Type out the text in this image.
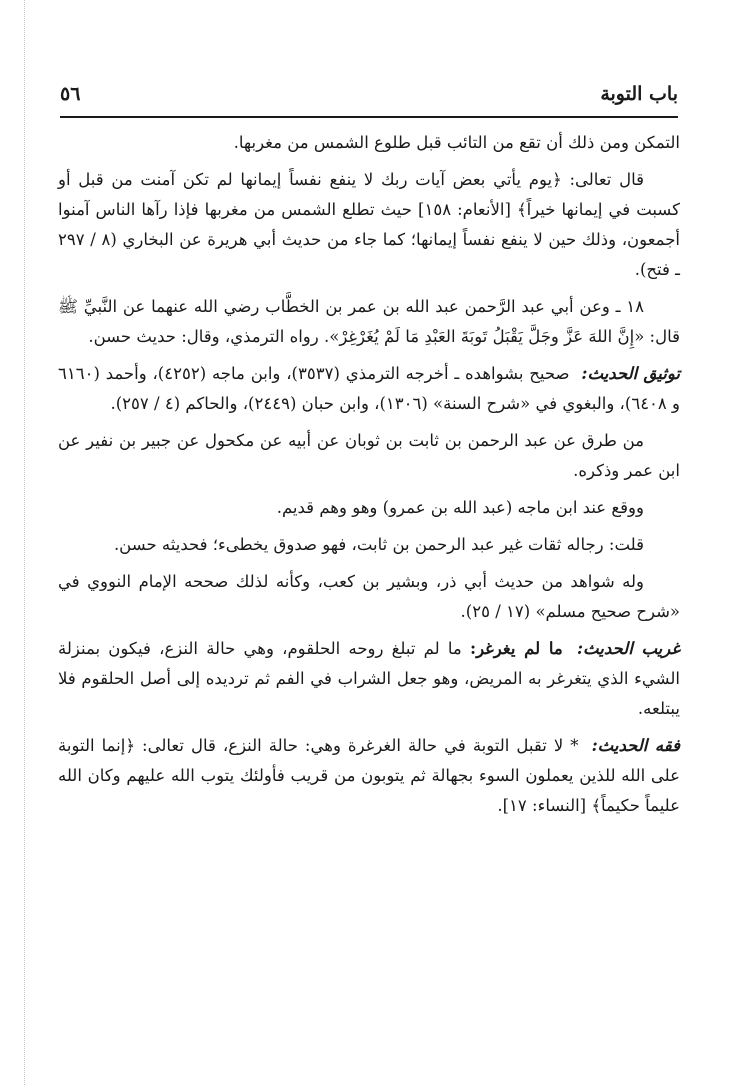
باب التوبة
٥٦

التمكن ومن ذلك أن تقع من التائب قبل طلوع الشمس من مغربها.

قال تعالى: ﴿يوم يأتي بعض آيات ربك لا ينفع نفساً إيمانها لم تكن آمنت من قبل أو كسبت في إيمانها خيراً﴾ [الأنعام: ١٥٨] حيث تطلع الشمس من مغربها فإذا رآها الناس آمنوا أجمعون، وذلك حين لا ينفع نفساً إيمانها؛ كما جاء من حديث أبي هريرة عن البخاري (٨ / ٢٩٧ ـ فتح).

١٨ ـ وعن أبي عبد الرَّحمن عبد الله بن عمر بن الخطَّاب رضي الله عنهما عن النَّبيِّ ﷺ قال: «إِنَّ اللهَ عَزَّ وجَلَّ يَقْبَلُ تَوبَةَ العَبْدِ مَا لَمْ يُغَرْغِرْ». رواه الترمذي، وقال: حديث حسن.

توثيق الحديث: صحيح بشواهده ـ أخرجه الترمذي (٣٥٣٧)، وابن ماجه (٤٢٥٢)، وأحمد (٦١٦٠ و ٦٤٠٨)، والبغوي في «شرح السنة» (١٣٠٦)، وابن حبان (٢٤٤٩)، والحاكم (٤ / ٢٥٧).

من طرق عن عبد الرحمن بن ثابت بن ثوبان عن أبيه عن مكحول عن جبير بن نفير عن ابن عمر وذكره.

ووقع عند ابن ماجه (عبد الله بن عمرو) وهو وهم قديم.

قلت: رجاله ثقات غير عبد الرحمن بن ثابت، فهو صدوق يخطىء؛ فحديثه حسن.

وله شواهد من حديث أبي ذر، وبشير بن كعب، وكأنه لذلك صححه الإمام النووي في «شرح صحيح مسلم» (١٧ / ٢٥).

غريب الحديث: ما لم يغرغر: ما لم تبلغ روحه الحلقوم، وهي حالة النزع، فيكون بمنزلة الشيء الذي يتغرغر به المريض، وهو جعل الشراب في الفم ثم ترديده إلى أصل الحلقوم فلا يبتلعه.

فقه الحديث: * لا تقبل التوبة في حالة الغرغرة وهي: حالة النزع، قال تعالى: ﴿إنما التوبة على الله للذين يعملون السوء بجهالة ثم يتوبون من قريب فأولئك يتوب الله عليهم وكان الله عليماً حكيماً﴾ [النساء: ١٧].
